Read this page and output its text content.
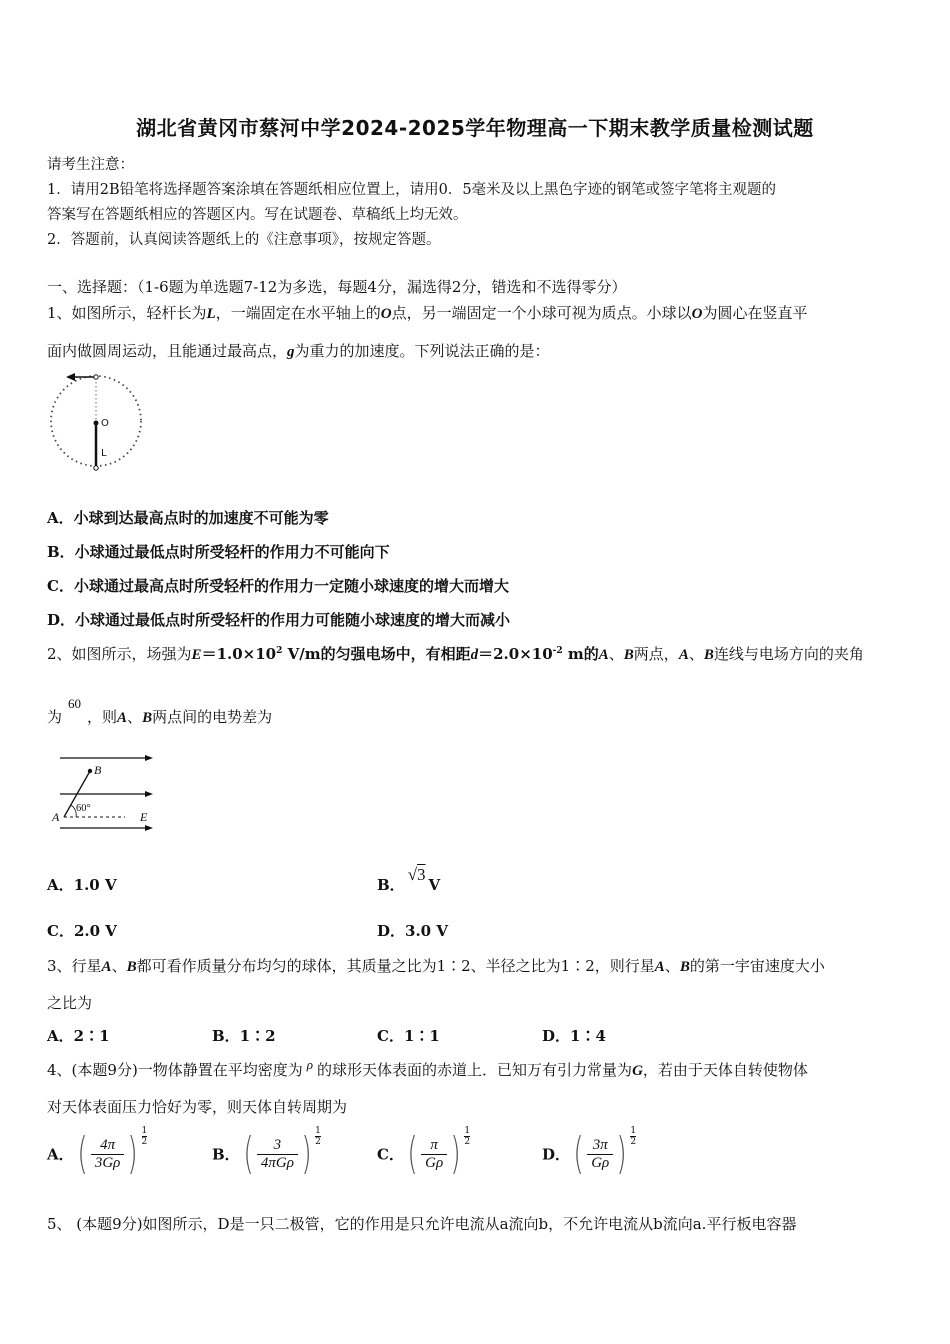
湖北省黄冈市蔡河中学2024-2025学年物理高一下期末教学质量检测试题
请考生注意：
1．请用2B铅笔将选择题答案涂填在答题纸相应位置上，请用0．5毫米及以上黑色字迹的钢笔或签字笔将主观题的
答案写在答题纸相应的答题区内。写在试题卷、草稿纸上均无效。
2．答题前，认真阅读答题纸上的《注意事项》，按规定答题。
一、选择题：（1-6题为单选题7-12为多选，每题4分，漏选得2分，错选和不选得零分）
1、如图所示，轻杆长为L，一端固定在水平轴上的O点，另一端固定一个小球可视为质点。小球以O为圆心在竖直平
面内做圆周运动，且能通过最高点，g为重力的加速度。下列说法正确的是：
O
L
A．小球到达最高点时的加速度不可能为零
B．小球通过最低点时所受轻杆的作用力不可能向下
C．小球通过最高点时所受轻杆的作用力一定随小球速度的增大而增大
D．小球通过最低点时所受轻杆的作用力可能随小球速度的增大而减小
2、如图所示，场强为$E=1.0\times 10^2$ V/m的匀强电场中，有相距$d=2.0\times 10^{-2}$ m的A、B两点，A、B连线与电场方向的夹角
为60，则A、B两点间的电势差为
B
A
60°
E
A．1.0 V	B．√3V
C．2.0 V	D．3.0 V
3、行星A、B都可看作质量分布均匀的球体，其质量之比为1∶2、半径之比为1∶2，则行星A、B的第一宇宙速度大小
之比为
A．2∶1	B．1∶2	C．1∶1	D．1∶4
4、(本题9分)一物体静置在平均密度为 ρ 的球形天体表面的赤道上．已知万有引力常量为G，若由于天体自转使物体
对天体表面压力恰好为零，则天体自转周期为
A．( $\frac{4\pi}{3G\rho}$ ) $\frac{1}{2}$
B．( $\frac{3}{\text{4πGρ}}$ ) $\frac{1}{2}$
C．( $\frac{\pi}{G\rho}$ ) $\frac{1}{2}$
D．( $\frac{3\pi}{G\rho}$ ) $\frac{1}{2}$
5、 (本题9分)如图所示，D是一只二极管，它的作用是只允许电流从a流向b，不允许电流从b流向a.平行板电容器
